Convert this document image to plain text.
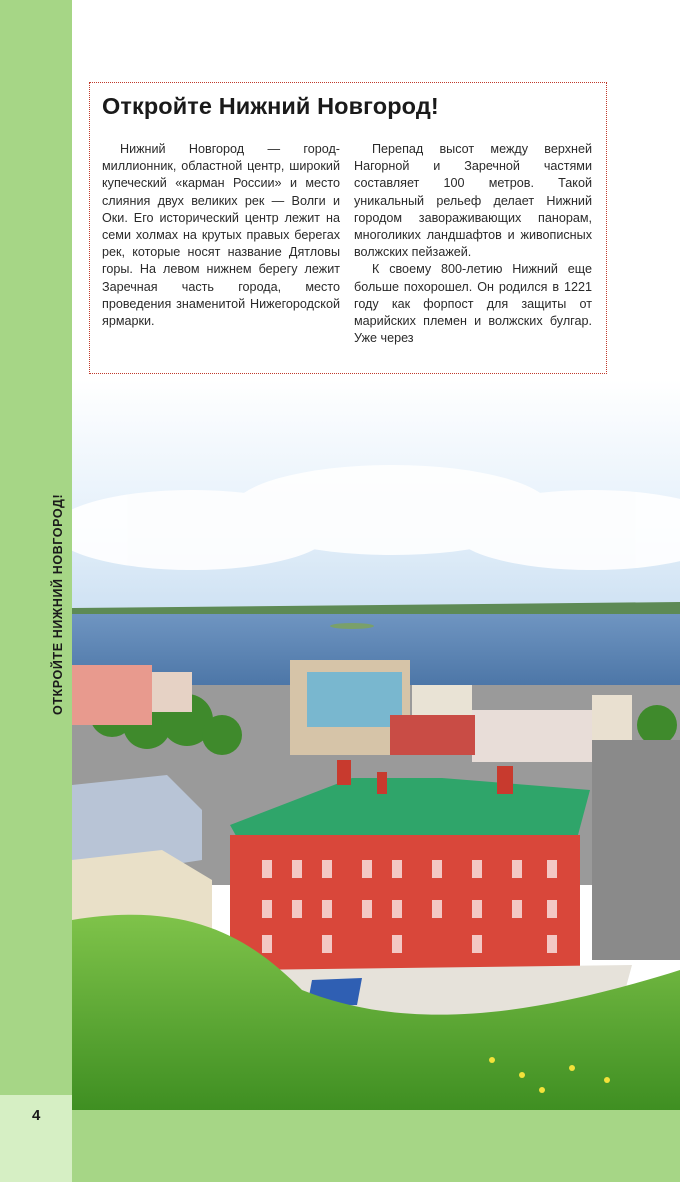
ОТКРОЙТЕ НИЖНИЙ НОВГОРОД!
Откройте Нижний Новгород!

Нижний Новгород — город-миллионник, областной центр, широкий купеческий «карман России» и место слияния двух великих рек — Волги и Оки. Его исторический центр лежит на семи холмах на крутых правых берегах рек, которые носят название Дятловы горы. На левом нижнем берегу лежит Заречная часть города, место проведения знаменитой Нижегородской ярмарки.

Перепад высот между верхней Нагорной и Заречной частями составляет 100 метров. Такой уникальный рельеф делает Нижний городом завораживающих панорам, многоликих ландшафтов и живописных волжских пейзажей.

К своему 800-летию Нижний еще больше похорошел. Он родился в 1221 году как форпост для защиты от марийских племен и волжских булгар. Уже через

4
